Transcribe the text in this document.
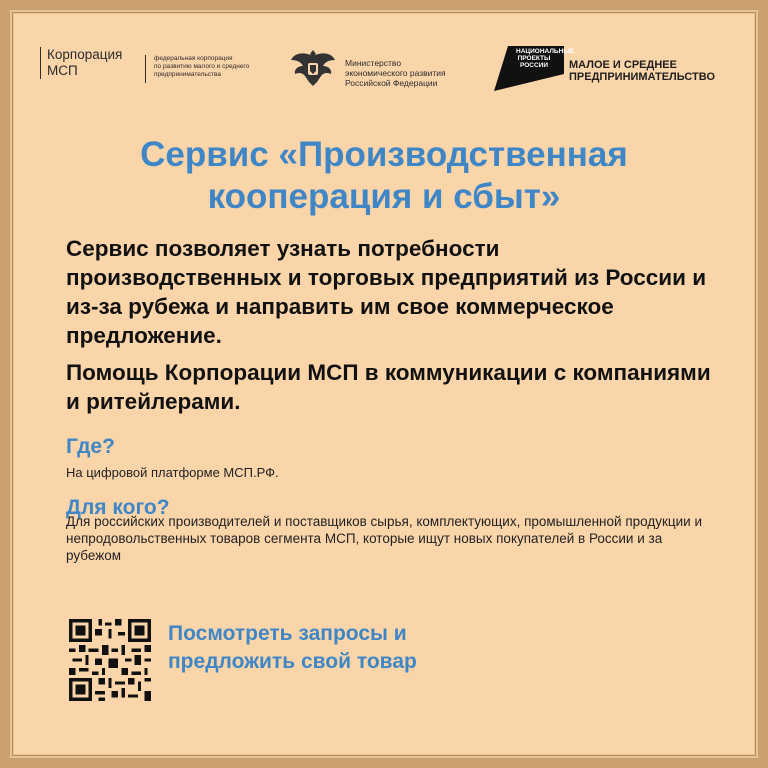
Корпорация
МСП
федеральная корпорация
по развитию малого и среднего
предпринимательства
Министерство
экономического развития
Российской Федерации
НАЦИОНАЛЬНЫЕ
ПРОЕКТЫ
РОССИИ	МАЛОЕ И СРЕДНЕЕ
ПРЕДПРИНИМАТЕЛЬСТВО
Сервис «Производственная кооперация и сбыт»

Сервис позволяет узнать потребности производственных и торговых предприятий из России и из-за рубежа и направить им свое коммерческое предложение.

Помощь Корпорации МСП в коммуникации с компаниями и ритейлерами.

Где?
На цифровой платформе МСП.РФ.
Для кого?
Для российских производителей и поставщиков сырья, комплектующих, промышленной продукции и непродовольственных товаров сегмента МСП, которые ищут новых покупателей в России и за рубежом
Посмотреть запросы и предложить свой товар
